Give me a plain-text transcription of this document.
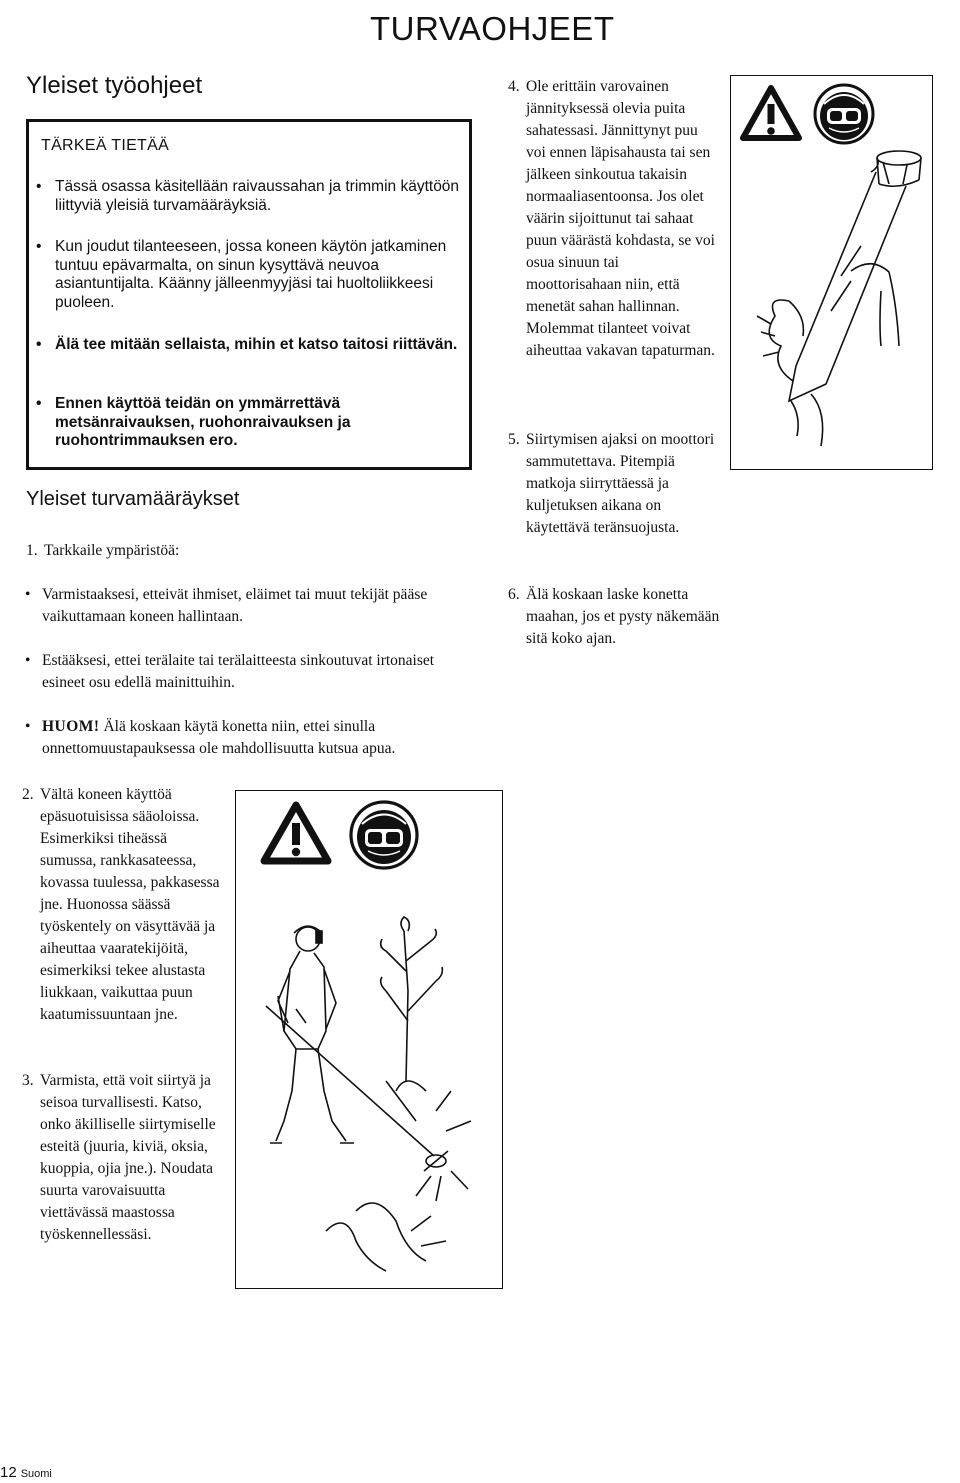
TURVAOHJEET
Yleiset työohjeet
TÄRKEÄ TIETÄÄ
• Tässä osassa käsitellään raivaussahan ja trimmin käyttöön liittyviä yleisiä turvamääräyksiä.
• Kun joudut tilanteeseen, jossa koneen käytön jatkaminen tuntuu epävarmalta, on sinun kysyttävä neuvoa asiantuntijalta. Käänny jälleenmyyjäsi tai huoltoliikkeesi puoleen.
• Älä tee mitään sellaista, mihin et katso taitosi riittävän.
• Ennen käyttöä teidän on ymmärrettävä metsänraivauksen, ruohonraivauksen ja ruohontrimmauksen ero.
Yleiset turvamääräykset
1. Tarkkaile ympäristöä:
• Varmistaaksesi, etteivät ihmiset, eläimet tai muut tekijät pääse vaikuttamaan koneen hallintaan.
• Estääksesi, ettei terälaite tai terälaitteesta sinkoutuvat irtonaiset esineet osu edellä mainittuihin.
• HUOM! Älä koskaan käytä konetta niin, ettei sinulla onnettomuustapauksessa ole mahdollisuutta kutsua apua.
2. Vältä koneen käyttöä epäsuotuisissa sääoloissa. Esimerkiksi tiheässä sumussa, rankkasateessa, kovassa tuulessa, pakkasessa jne. Huonossa säässä työskentely on väsyttävää ja aiheuttaa vaaratekijöitä, esimerkiksi tekee alustasta liukkaan, vaikuttaa puun kaatumissuuntaan jne.
3. Varmista, että voit siirtyä ja seisoa turvallisesti. Katso, onko äkilliselle siirtymiselle esteitä (juuria, kiviä, oksia, kuoppia, ojia jne.). Noudata suurta varovaisuutta viettävässä maastossa työskennellessäsi.
4. Ole erittäin varovainen jännityksessä olevia puita sahatessasi. Jännittynyt puu voi ennen läpisahausta tai sen jälkeen sinkoutua takaisin normaaliasentoonsa. Jos olet väärin sijoittunut tai sahaat puun väärästä kohdasta, se voi osua sinuun tai moottorisahaan niin, että menetät sahan hallinnan. Molemmat tilanteet voivat aiheuttaa vakavan tapaturman.
5. Siirtymisen ajaksi on moottori sammutettava. Pitempiä matkoja siirryttäessä ja kuljetuksen aikana on käytettävä teränsuojusta.
6. Älä koskaan laske konetta maahan, jos et pysty näkemään sitä koko ajan.
12 Suomi
